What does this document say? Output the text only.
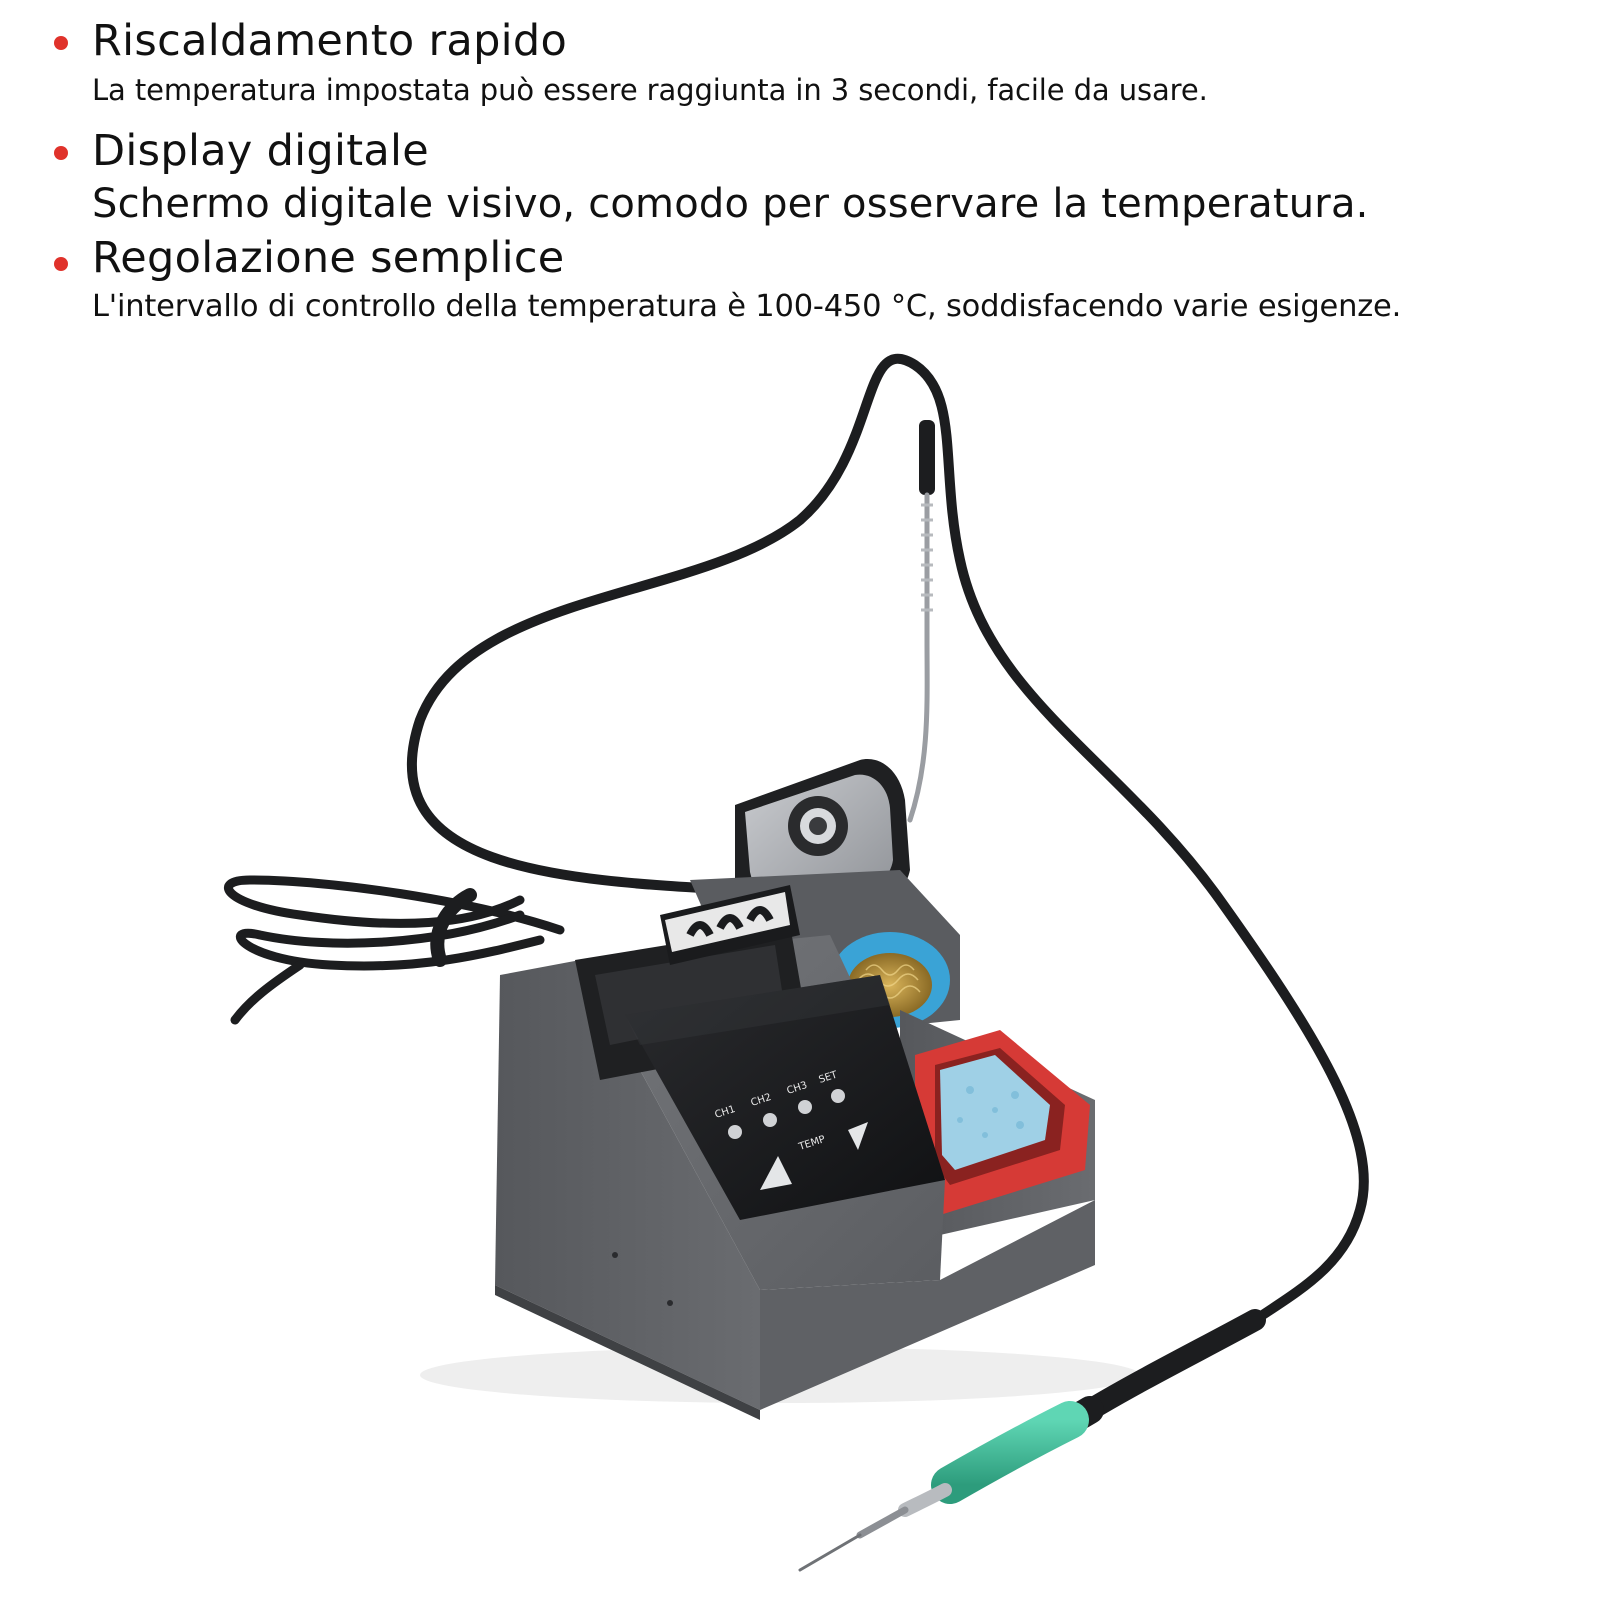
Riscaldamento rapido
La temperatura impostata può essere raggiunta in 3 secondi, facile da usare.
Display digitale
Schermo digitale visivo, comodo per osservare la temperatura.
Regolazione semplice
L'intervallo di controllo della temperatura è 100-450 °C, soddisfacendo varie esigenze.
CH1
CH2
CH3
SET
TEMP
